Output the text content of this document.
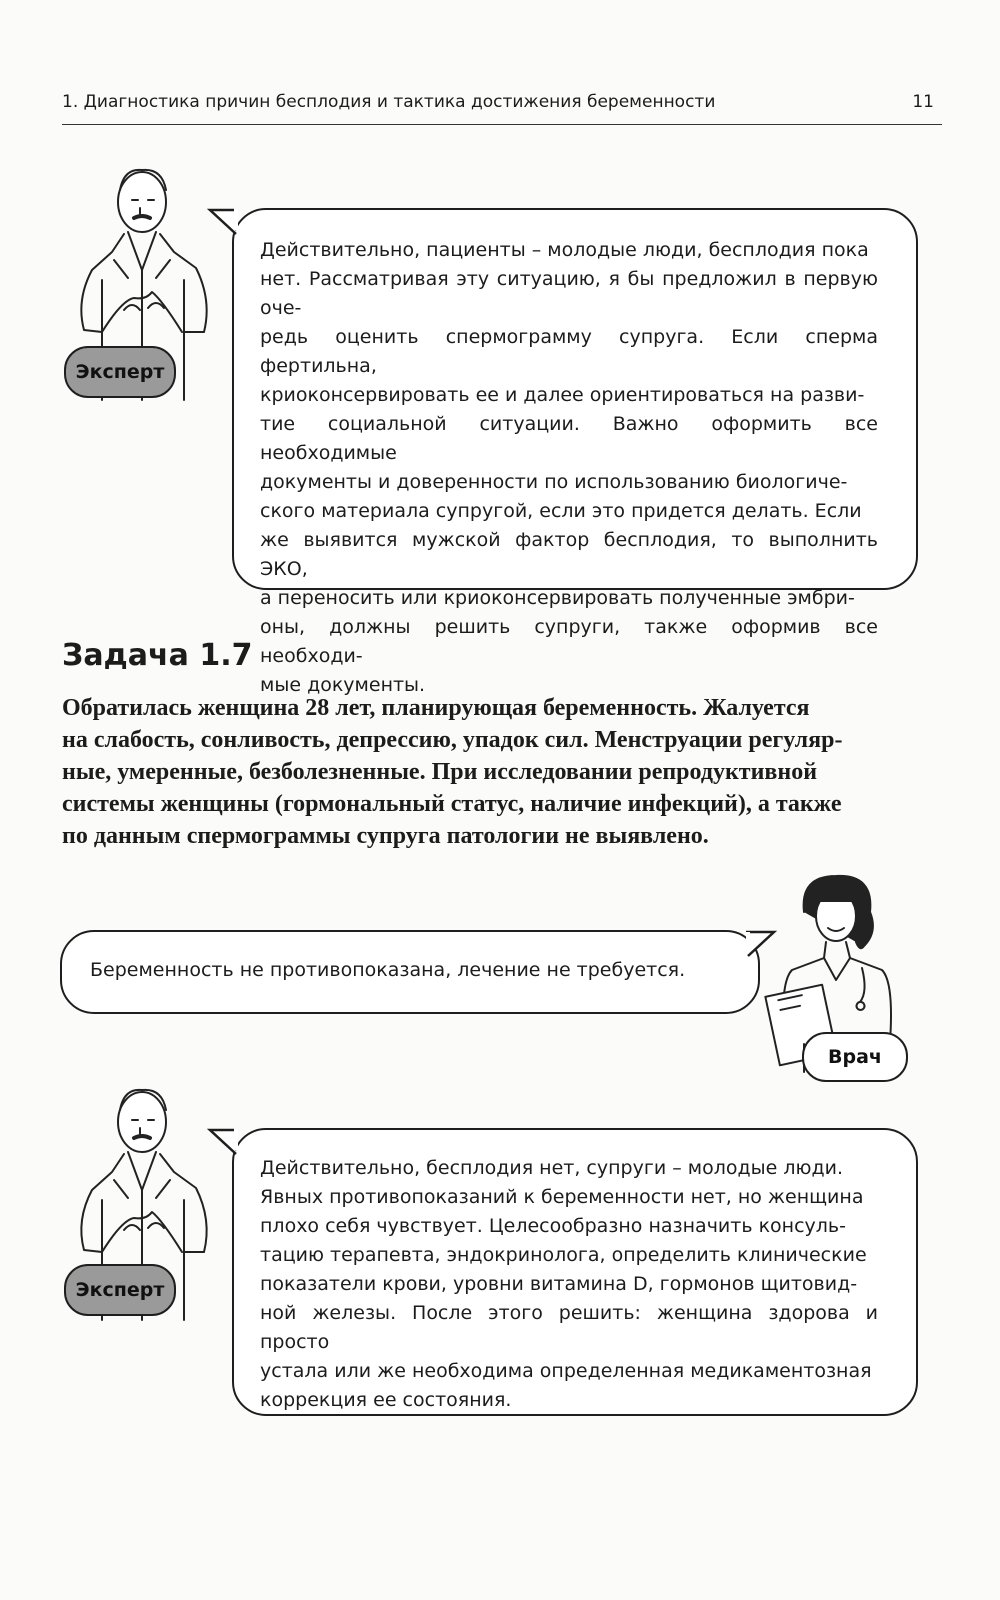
1. Диагностика причин бесплодия и тактика достижения беременности	11
Эксперт
Действительно, пациенты – молодые люди, бесплодия пока
нет. Рассматривая эту ситуацию, я бы предложил в первую оче-
редь оценить спермограмму супруга. Если сперма фертильна,
криоконсервировать ее и далее ориентироваться на разви-
тие социальной ситуации. Важно оформить все необходимые
документы и доверенности по использованию биологиче-
ского материала супругой, если это придется делать. Если
же выявится мужской фактор бесплодия, то выполнить ЭКО,
а переносить или криоконсервировать полученные эмбри-
оны, должны решить супруги, также оформив все необходи-
мые документы.
Задача 1.7
Обратилась женщина 28 лет, планирующая беременность. Жалуется
на слабость, сонливость, депрессию, упадок сил. Менструации регуляр-
ные, умеренные, безболезненные. При исследовании репродуктивной
системы женщины (гормональный статус, наличие инфекций), а также
по данным спермограммы супруга патологии не выявлено.
Беременность не противопоказана, лечение не требуется.
Врач
Эксперт
Действительно, бесплодия нет, супруги – молодые люди.
Явных противопоказаний к беременности нет, но женщина
плохо себя чувствует. Целесообразно назначить консуль-
тацию терапевта, эндокринолога, определить клинические
показатели крови, уровни витамина D, гормонов щитовид-
ной железы. После этого решить: женщина здорова и просто
устала или же необходима определенная медикаментозная
коррекция ее состояния.
